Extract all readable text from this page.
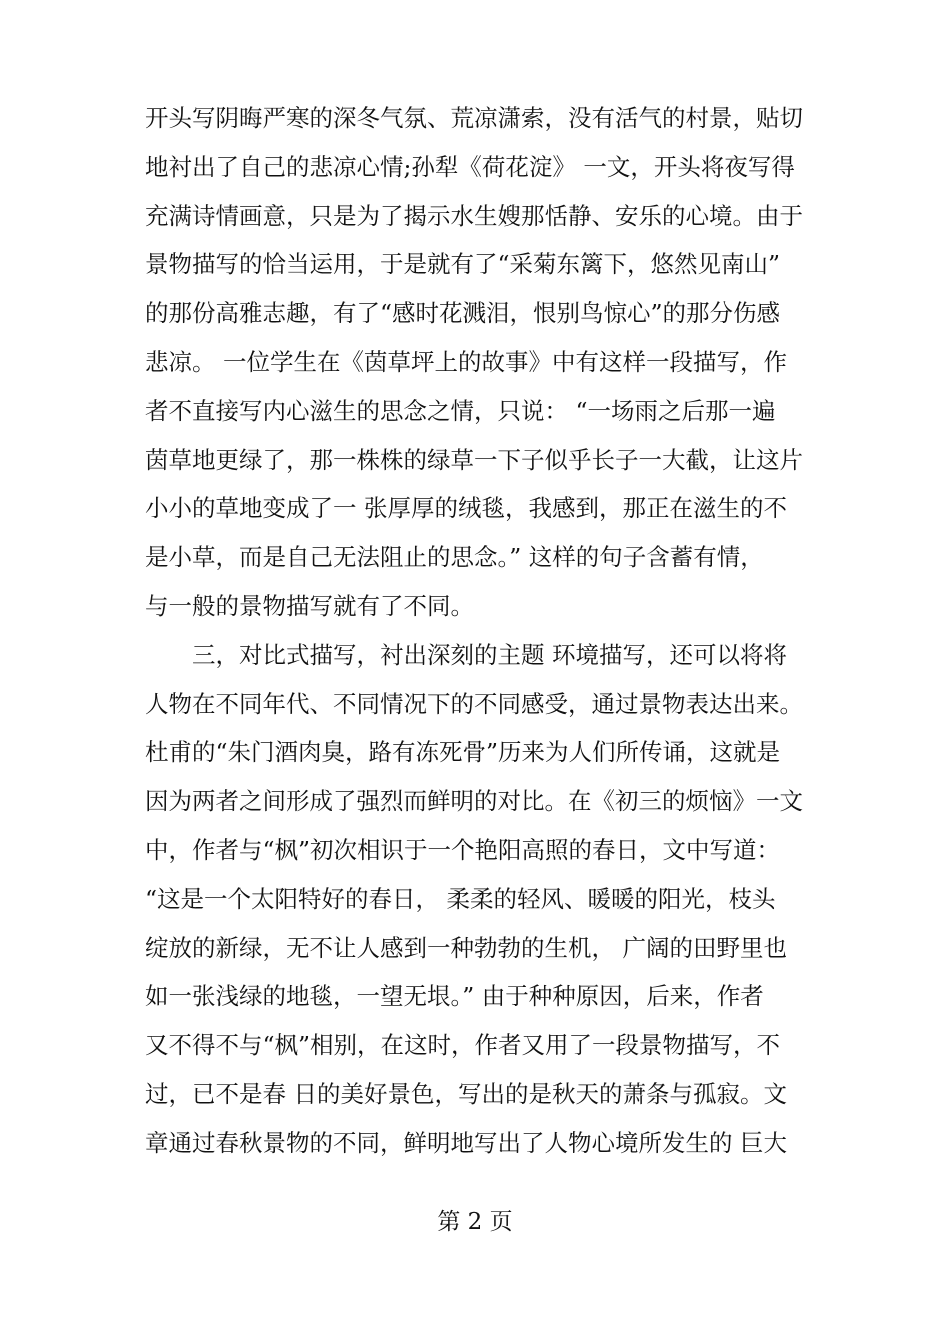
开头写阴晦严寒的深冬气氛、荒凉潇索，没有活气的村景，贴切
地衬出了自己的悲凉心情;孙犁《荷花淀》 一文，开头将夜写得
充满诗情画意，只是为了揭示水生嫂那恬静、安乐的心境。由于
景物描写的恰当运用，于是就有了“采菊东篱下，悠然见南山”
的那份高雅志趣，有了“感时花溅泪，恨别鸟惊心”的那分伤感
悲凉。 一位学生在《茵草坪上的故事》中有这样一段描写，作
者不直接写内心滋生的思念之情，只说： “一场雨之后那一遍
茵草地更绿了，那一株株的绿草一下子似乎长子一大截，让这片
小小的草地变成了一 张厚厚的绒毯，我感到，那正在滋生的不
是小草，而是自己无法阻止的思念。” 这样的句子含蓄有情，
与一般的景物描写就有了不同。
　　三，对比式描写，衬出深刻的主题 环境描写，还可以将将
人物在不同年代、不同情况下的不同感受，通过景物表达出来。
杜甫的“朱门酒肉臭，路有冻死骨”历来为人们所传诵，这就是
因为两者之间形成了强烈而鲜明的对比。在《初三的烦恼》一文
中，作者与“枫”初次相识于一个艳阳高照的春日，文中写道：
“这是一个太阳特好的春日， 柔柔的轻风、暖暖的阳光，枝头
绽放的新绿，无不让人感到一种勃勃的生机， 广阔的田野里也
如一张浅绿的地毯，一望无垠。” 由于种种原因，后来，作者
又不得不与“枫”相别，在这时，作者又用了一段景物描写，不
过，已不是春 日的美好景色，写出的是秋天的萧条与孤寂。文
章通过春秋景物的不同，鲜明地写出了人物心境所发生的 巨大
第 2 页
